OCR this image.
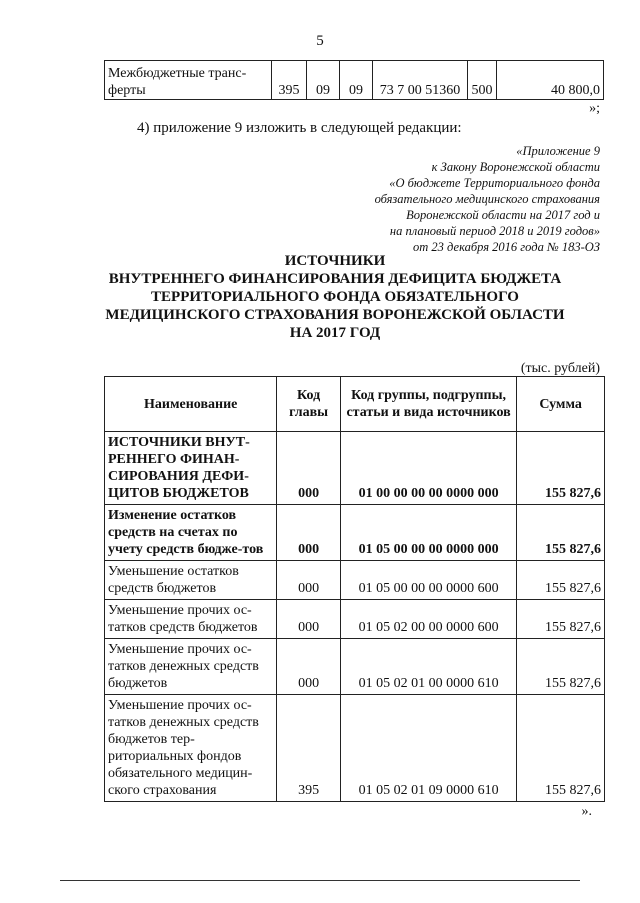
5
Межбюджетные транс-ферты	395	09	09	73 7 00 51360	500	40 800,0
»;
4) приложение 9 изложить в следующей редакции:
«Приложение 9
к Закону Воронежской области
«О бюджете Территориального фонда
обязательного медицинского страхования
Воронежской области на 2017 год и
на плановый период 2018 и 2019 годов»
от 23 декабря 2016 года № 183-ОЗ
ИСТОЧНИКИ
ВНУТРЕННЕГО ФИНАНСИРОВАНИЯ ДЕФИЦИТА БЮДЖЕТА
ТЕРРИТОРИАЛЬНОГО ФОНДА ОБЯЗАТЕЛЬНОГО
МЕДИЦИНСКОГО СТРАХОВАНИЯ ВОРОНЕЖСКОЙ ОБЛАСТИ
НА 2017 ГОД
(тыс. рублей)
Наименование	Код главы	Код группы, подгруппы, статьи и вида источников	Сумма
ИСТОЧНИКИ ВНУТ-РЕННЕГО ФИНАН-СИРОВАНИЯ ДЕФИ-ЦИТОВ БЮДЖЕТОВ	000	01 00 00 00 00 0000 000	155 827,6
Изменение остатков средств на счетах по учету средств бюдже-тов	000	01 05 00 00 00 0000 000	155 827,6
Уменьшение остатков средств бюджетов	000	01 05 00 00 00 0000 600	155 827,6
Уменьшение прочих ос-татков средств бюджетов	000	01 05 02 00 00 0000 600	155 827,6
Уменьшение прочих ос-татков денежных средств бюджетов	000	01 05 02 01 00 0000 610	155 827,6
Уменьшение прочих ос-татков денежных средств бюджетов тер-риториальных фондов обязательного медицин-ского страхования	395	01 05 02 01 09 0000 610	155 827,6
».
